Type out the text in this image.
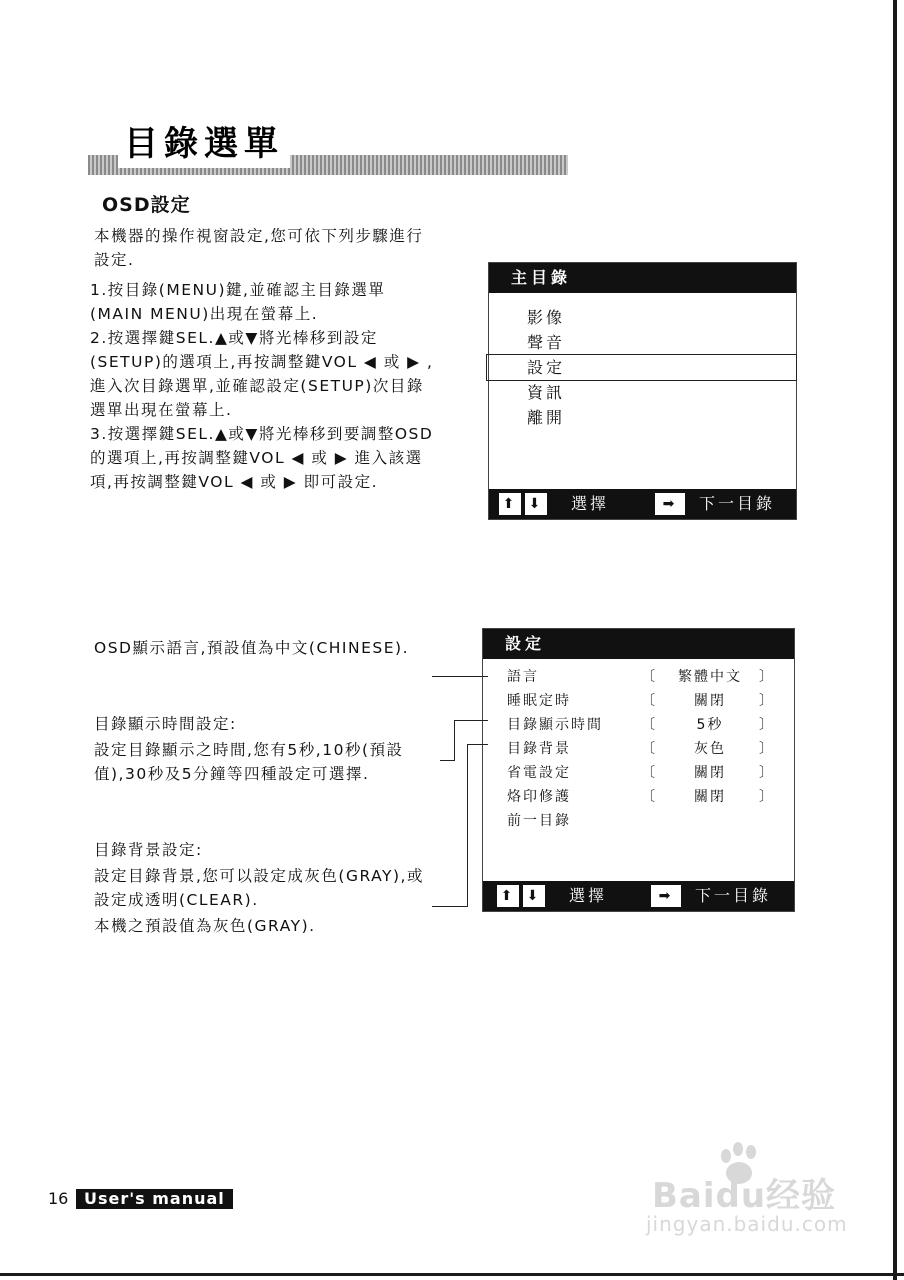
目錄選單
OSD設定

本機器的操作視窗設定,您可依下列步驟進行設定.

1.按目錄(MENU)鍵,並確認主目錄選單(MAIN MENU)出現在螢幕上.

2.按選擇鍵SEL.▲或▼將光棒移到設定(SETUP)的選項上,再按調整鍵VOL ◀ 或 ▶ ,進入次目錄選單,並確認設定(SETUP)次目錄選單出現在螢幕上.

3.按選擇鍵SEL.▲或▼將光棒移到要調整OSD的選項上,再按調整鍵VOL ◀ 或 ▶ 進入該選項,再按調整鍵VOL ◀ 或 ▶ 即可設定.

主目錄
影像
聲音
設定
資訊
離開
⬆ ⬇ 選擇	➡	下一目錄
設定
語言	〔	繁體中文	〕
睡眠定時	〔	關閉	〕
目錄顯示時間	〔	5秒	〕
目錄背景	〔	灰色	〕
省電設定	〔	關閉	〕
烙印修護	〔	關閉	〕
前一目錄
⬆ ⬇ 選擇	➡	下一目錄

OSD顯示語言,預設值為中文(CHINESE).

目錄顯示時間設定:

設定目錄顯示之時間,您有5秒,10秒(預設值),30秒及5分鐘等四種設定可選擇.

目錄背景設定:

設定目錄背景,您可以設定成灰色(GRAY),或設定成透明(CLEAR).

本機之預設值為灰色(GRAY).

16 User's manual	Baidu经验
jingyan.baidu.com
